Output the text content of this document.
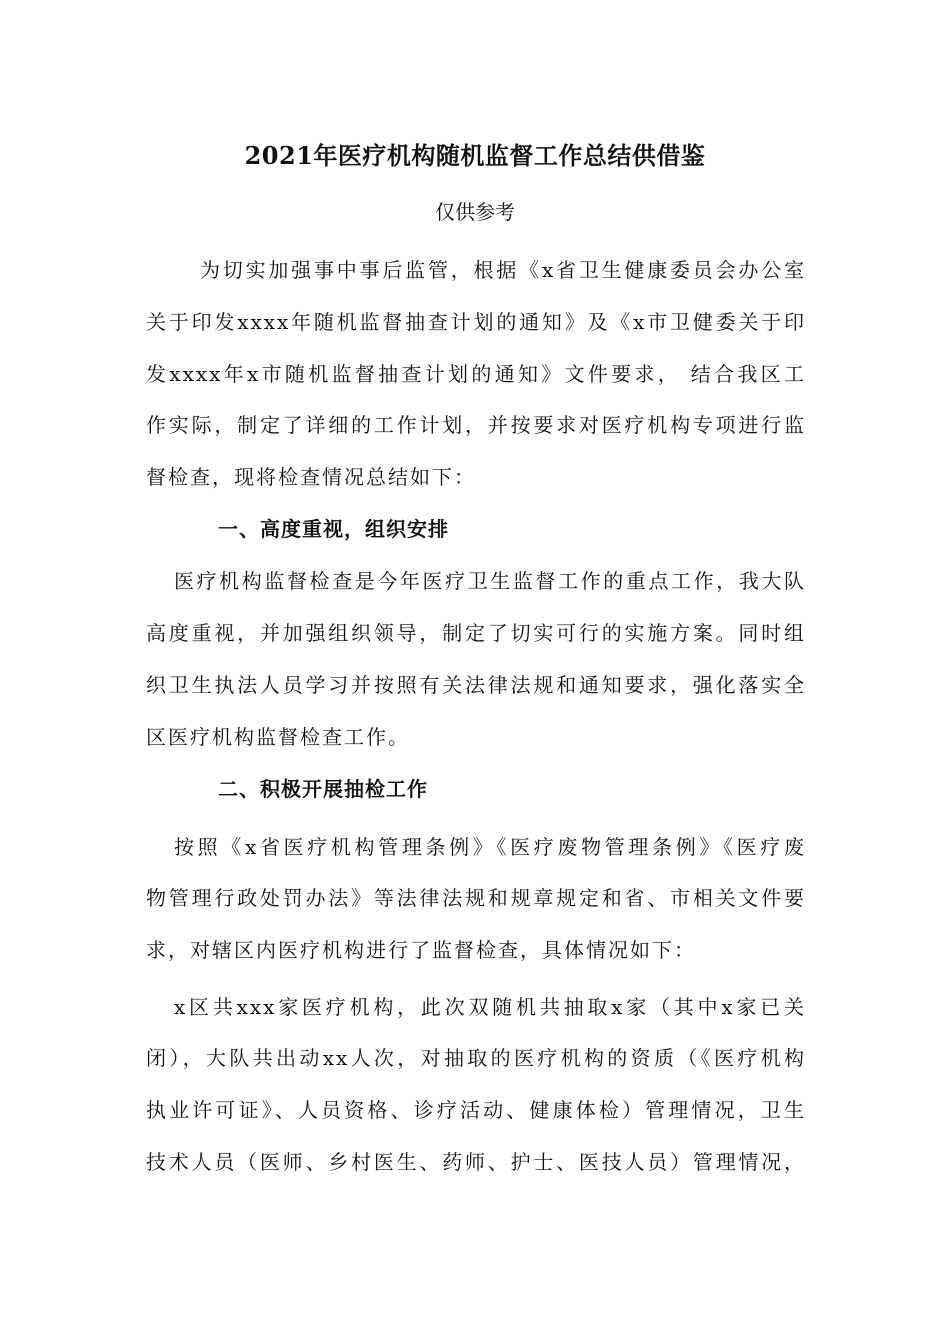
2021年医疗机构随机监督工作总结供借鉴
仅供参考
为切实加强事中事后监管，根据《x省卫生健康委员会办公室
关于印发xxxx年随机监督抽查计划的通知》及《x市卫健委关于印
发xxxx年x市随机监督抽查计划的通知》文件要求， 结合我区工
作实际，制定了详细的工作计划，并按要求对医疗机构专项进行监
督检查，现将检查情况总结如下：
一、高度重视，组织安排
医疗机构监督检查是今年医疗卫生监督工作的重点工作，我大队
高度重视，并加强组织领导，制定了切实可行的实施方案。同时组
织卫生执法人员学习并按照有关法律法规和通知要求，强化落实全
区医疗机构监督检查工作。
二、积极开展抽检工作
按照《x省医疗机构管理条例》《医疗废物管理条例》《医疗废
物管理行政处罚办法》等法律法规和规章规定和省、市相关文件要
求，对辖区内医疗机构进行了监督检查，具体情况如下：
x区共xxx家医疗机构，此次双随机共抽取x家（其中x家已关
闭），大队共出动xx人次，对抽取的医疗机构的资质（《医疗机构
执业许可证》、人员资格、诊疗活动、健康体检）管理情况，卫生
技术人员（医师、乡村医生、药师、护士、医技人员）管理情况，
